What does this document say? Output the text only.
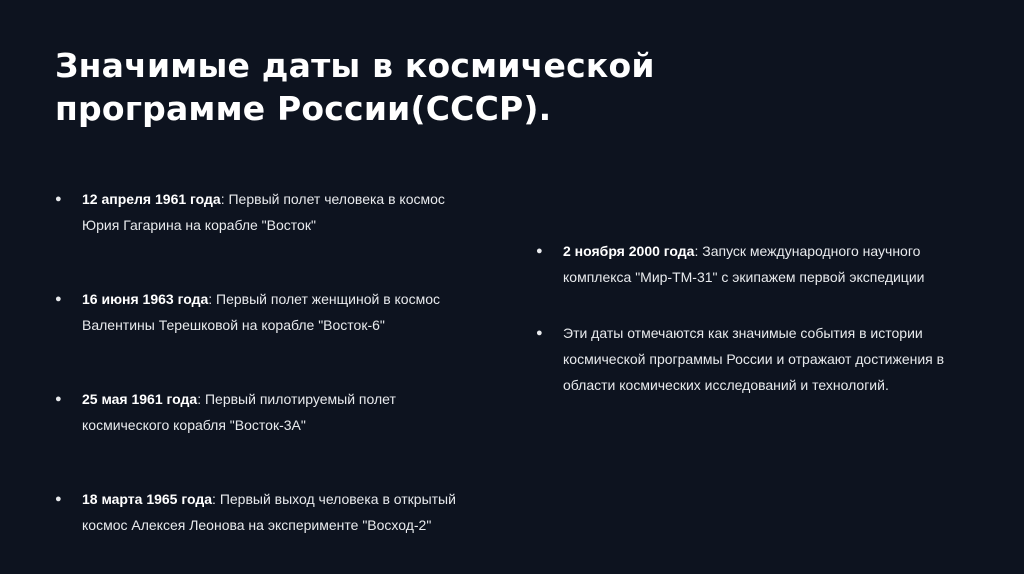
Значимые даты в космической программе России(СССР).
● 12 апреля 1961 года: Первый полет человека в космос Юрия Гагарина на корабле "Восток"
● 16 июня 1963 года: Первый полет женщиной в космос Валентины Терешковой на корабле "Восток-6"
● 25 мая 1961 года: Первый пилотируемый полет космического корабля "Восток-3А"
● 18 марта 1965 года: Первый выход человека в открытый космос Алексея Леонова на эксперименте "Восход-2"
● 2 ноября 2000 года: Запуск международного научного комплекса "Мир-ТМ-31" с экипажем первой экспедиции
● Эти даты отмечаются как значимые события в истории космической программы России и отражают достижения в области космических исследований и технологий.
